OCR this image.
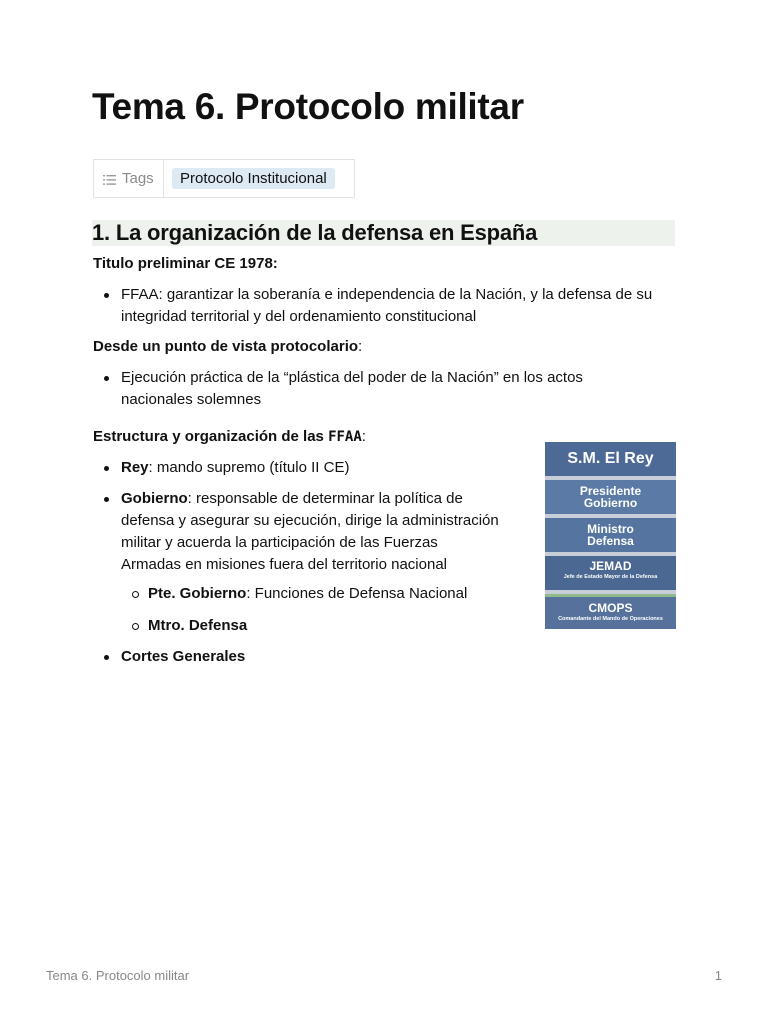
Tema 6. Protocolo militar
Tags	Protocolo Institucional
1. La organización de la defensa en España
Titulo preliminar CE 1978:
FFAA: garantizar la soberanía e independencia de la Nación, y la defensa de su
integridad territorial y del ordenamiento constitucional
Desde un punto de vista protocolario:
Ejecución práctica de la “plástica del poder de la Nación” en los actos
nacionales solemnes
Estructura y organización de las FFAA:
Rey: mando supremo (título II CE)
Gobierno: responsable de determinar la política de
defensa y asegurar su ejecución, dirige la administración
militar y acuerda la participación de las Fuerzas
Armadas en misiones fuera del territorio nacional
Pte. Gobierno: Funciones de Defensa Nacional
Mtro. Defensa
Cortes Generales
S.M. El Rey
Presidente
Gobierno
Ministro
Defensa
JEMAD
Jefe de Estado Mayor de la Defensa
CMOPS
Comandante del Mando de Operaciones
Tema 6. Protocolo militar	1
